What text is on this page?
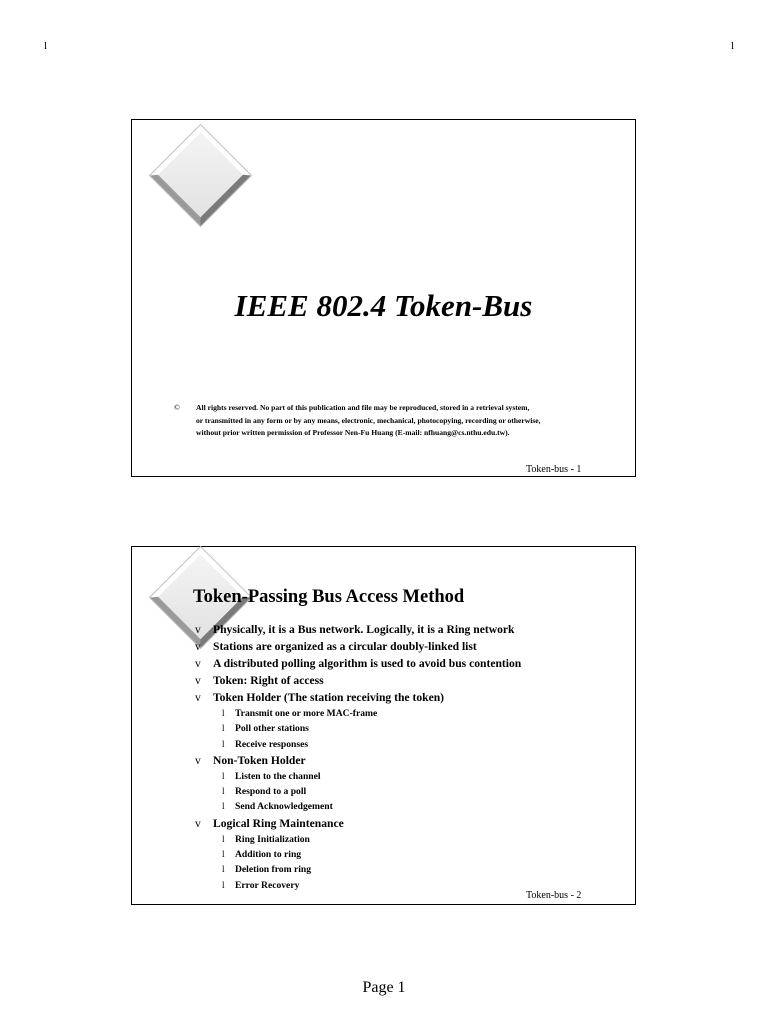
l	l
IEEE 802.4 Token-Bus
©	All rights reserved. No part of this publication and file may be reproduced, stored in a retrieval system,
or transmitted in any form or by any means, electronic, mechanical, photocopying, recording or otherwise,
without prior written permission of Professor Nen-Fu Huang (E-mail: nfhuang@cs.nthu.edu.tw).
Token-bus - 1
Token-Passing Bus Access Method
v Physically, it is a Bus network. Logically, it is a Ring network
v Stations are organized as a circular doubly-linked list
v A distributed polling algorithm is used to avoid bus contention
v Token: Right of access
v Token Holder (The station receiving the token)
l Transmit one or more MAC-frame
l Poll other stations
l Receive responses
v Non-Token Holder
l Listen to the channel
l Respond to a poll
l Send Acknowledgement
v Logical Ring Maintenance
l Ring Initialization
l Addition to ring
l Deletion from ring
l Error Recovery
Token-bus - 2
Page 1
